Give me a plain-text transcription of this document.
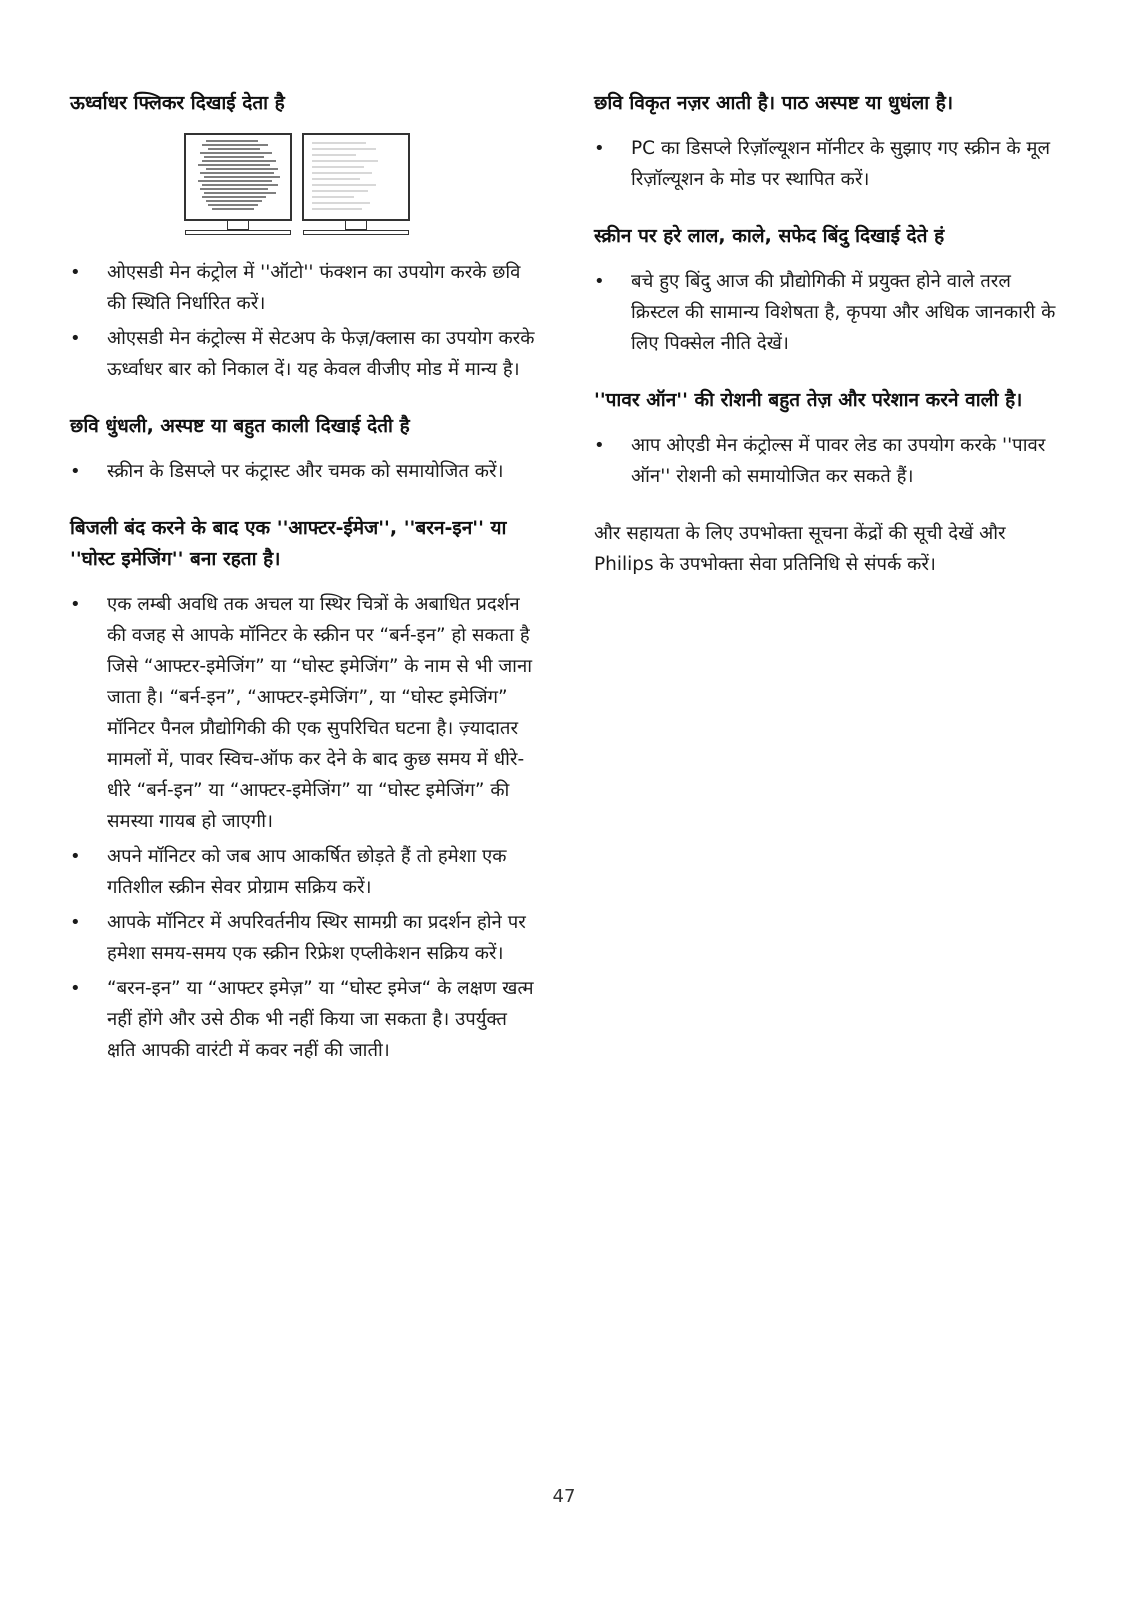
ऊर्ध्वाधर फ्लिकर दिखाई देता है
• ओएसडी मेन कंट्रोल में ''ऑटो'' फंक्शन का उपयोग करके छवि की स्थिति निर्धारित करें।
• ओएसडी मेन कंट्रोल्स में सेटअप के फेज़/क्लास का उपयोग करके ऊर्ध्वाधर बार को निकाल दें। यह केवल वीजीए मोड में मान्य है।
छवि धुंधली, अस्पष्ट या बहुत काली दिखाई देती है
• स्क्रीन के डिसप्ले पर कंट्रास्ट और चमक को समायोजित करें।
बिजली बंद करने के बाद एक ''आफ्टर-ईमेज'', ''बरन-इन'' या ''घोस्ट इमेजिंग'' बना रहता है।
• एक लम्बी अवधि तक अचल या स्थिर चित्रों के अबाधित प्रदर्शन की वजह से आपके मॉनिटर के स्क्रीन पर “बर्न-इन” हो सकता है जिसे “आफ्टर-इमेजिंग” या “घोस्ट इमेजिंग” के नाम से भी जाना जाता है। “बर्न-इन”, “आफ्टर-इमेजिंग”, या “घोस्ट इमेजिंग” मॉनिटर पैनल प्रौद्योगिकी की एक सुपरिचित घटना है। ज़्यादातर मामलों में, पावर स्विच-ऑफ कर देने के बाद कुछ समय में धीरे-धीरे “बर्न-इन” या “आफ्टर-इमेजिंग” या “घोस्ट इमेजिंग” की समस्या गायब हो जाएगी।
• अपने मॉनिटर को जब आप आकर्षित छोड़ते हैं तो हमेशा एक गतिशील स्क्रीन सेवर प्रोग्राम सक्रिय करें।
• आपके मॉनिटर में अपरिवर्तनीय स्थिर सामग्री का प्रदर्शन होने पर हमेशा समय-समय एक स्क्रीन रिफ्रेश एप्लीकेशन सक्रिय करें।
• “बरन-इन” या “आफ्टर इमेज़” या “घोस्ट इमेज“ के लक्षण खत्म नहीं होंगे और उसे ठीक भी नहीं किया जा सकता है। उपर्युक्त क्षति आपकी वारंटी में कवर नहीं की जाती।
छवि विकृत नज़र आती है। पाठ अस्पष्ट या धुधंला है।
• PC का डिसप्ले रिज़ॉल्यूशन मॉनीटर के सुझाए गए स्क्रीन के मूल रिज़ॉल्यूशन के मोड पर स्थापित करें।
स्क्रीन पर हरे लाल, काले, सफेद बिंदु दिखाई देते हं
• बचे हुए बिंदु आज की प्रौद्योगिकी में प्रयुक्त होने वाले तरल क्रिस्टल की सामान्य विशेषता है, कृपया और अधिक जानकारी के लिए पिक्सेल नीति देखें।
''पावर ऑन'' की रोशनी बहुत तेज़ और परेशान करने वाली है।
• आप ओएडी मेन कंट्रोल्स में पावर लेड का उपयोग करके ''पावर ऑन'' रोशनी को समायोजित कर सकते हैं।

और सहायता के लिए उपभोक्ता सूचना केंद्रों की सूची देखें और Philips के उपभोक्ता सेवा प्रतिनिधि से संपर्क करें।

47
